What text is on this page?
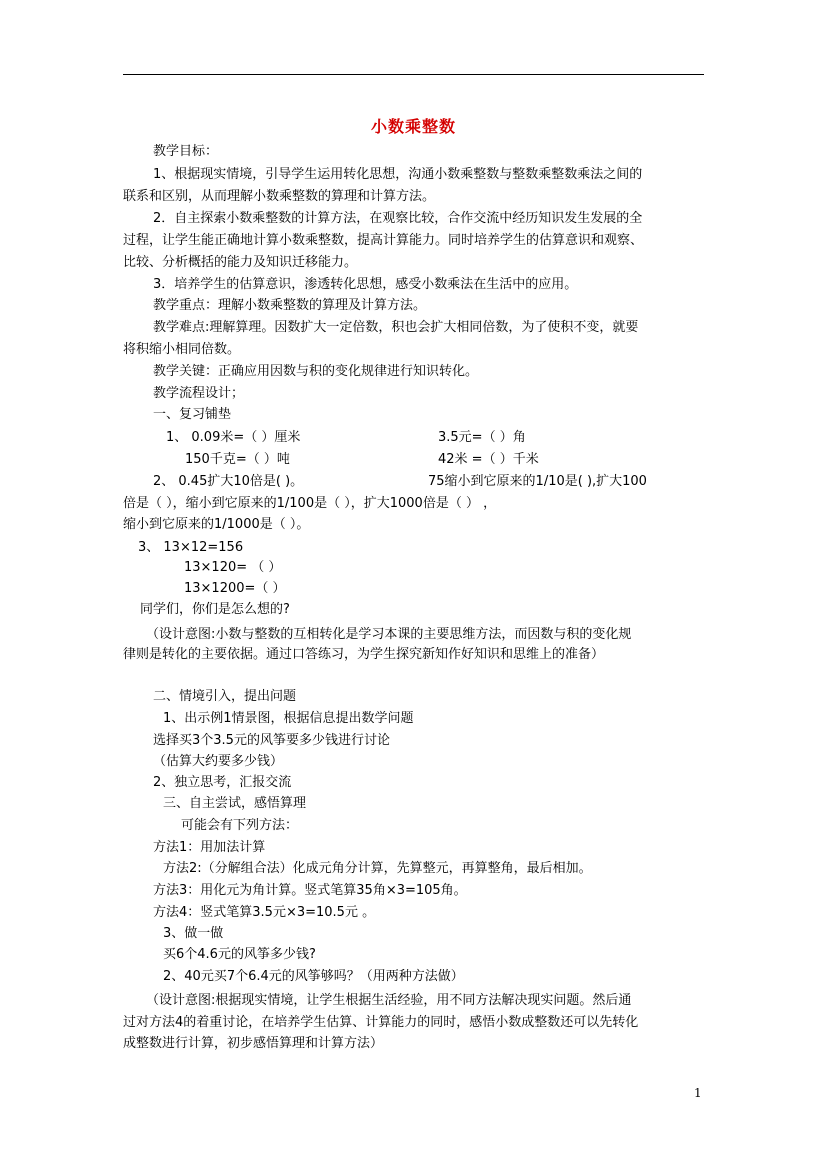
小数乘整数
教学目标：
1、根据现实情境，引导学生运用转化思想，沟通小数乘整数与整数乘整数乘法之间的
联系和区别，从而理解小数乘整数的算理和计算方法。
2．自主探索小数乘整数的计算方法，在观察比较，合作交流中经历知识发生发展的全
过程，让学生能正确地计算小数乘整数，提高计算能力。同时培养学生的估算意识和观察、
比较、分析概括的能力及知识迁移能力。
3．培养学生的估算意识，渗透转化思想，感受小数乘法在生活中的应用。
教学重点：理解小数乘整数的算理及计算方法。
教学难点:理解算理。因数扩大一定倍数，积也会扩大相同倍数，为了使积不变，就要
将积缩小相同倍数。
教学关键：正确应用因数与积的变化规律进行知识转化。
教学流程设计；
一、复习铺垫
1、 0.09米=（ ）厘米	3.5元=（ ）角
150千克=（ ）吨	42米 =（ ）千米
2、 0.45扩大10倍是( )。	75缩小到它原来的1/10是( ),扩大100
倍是（ ），缩小到它原来的1/100是（ ），扩大1000倍是（ ） ，
缩小到它原来的1/1000是（ ）。
3、 13×12=156
13×120= （ ）
13×1200=（ ）
同学们，你们是怎么想的?
（设计意图:小数与整数的互相转化是学习本课的主要思维方法，而因数与积的变化规
律则是转化的主要依据。通过口答练习，为学生探究新知作好知识和思维上的准备）
二、情境引入，提出问题
1、出示例1情景图，根据信息提出数学问题
选择买3个3.5元的风筝要多少钱进行讨论
（估算大约要多少钱）
2、独立思考，汇报交流
三、自主尝试，感悟算理
可能会有下列方法：
方法1：用加法计算
方法2:（分解组合法）化成元角分计算，先算整元，再算整角，最后相加。
方法3：用化元为角计算。竖式笔算35角×3=105角。
方法4：竖式笔算3.5元×3=10.5元 。
3、做一做
买6个4.6元的风筝多少钱?
2、40元买7个6.4元的风筝够吗？（用两种方法做）
（设计意图:根据现实情境，让学生根据生活经验，用不同方法解决现实问题。然后通
过对方法4的着重讨论，在培养学生估算、计算能力的同时，感悟小数成整数还可以先转化
成整数进行计算，初步感悟算理和计算方法）
1
